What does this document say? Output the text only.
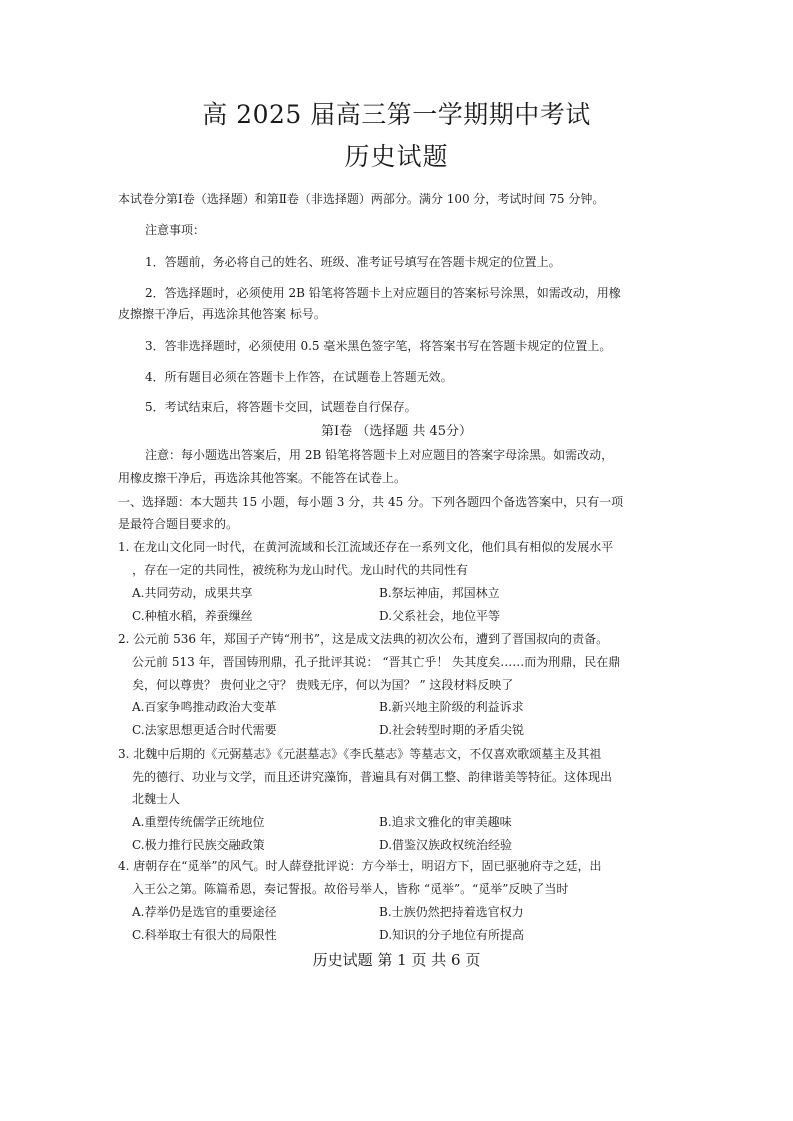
高 2025 届高三第一学期期中考试
历史试题
本试卷分第Ⅰ卷（选择题）和第Ⅱ卷（非选择题）两部分。满分 100 分，考试时间 75 分钟。
注意事项：
1．答题前，务必将自己的姓名、班级、准考证号填写在答题卡规定的位置上。
2．答选择题时，必须使用 2B 铅笔将答题卡上对应题目的答案标号涂黑，如需改动，用橡
皮擦擦干净后，再选涂其他答案 标号。
3．答非选择题时，必须使用 0.5 毫米黑色签字笔，将答案书写在答题卡规定的位置上。
4．所有题目必须在答题卡上作答，在试题卷上答题无效。
5．考试结束后，将答题卡交回，试题卷自行保存。
第Ⅰ卷 （选择题 共 45分）
注意：每小题选出答案后，用 2B 铅笔将答题卡上对应题目的答案字母涂黑。如需改动，
用橡皮擦干净后，再选涂其他答案。不能答在试卷上。
一、选择题：本大题共 15 小题，每小题 3 分，共 45 分。下列各题四个备选答案中，只有一项
是最符合题目要求的。
1. 在龙山文化同一时代，在黄河流域和长江流域还存在一系列文化，他们具有相似的发展水平
，存在一定的共同性，被统称为龙山时代。龙山时代的共同性有
A.共同劳动，成果共享	B.祭坛神庙，邦国林立
C.种植水稻，养蚕缫丝	D.父系社会，地位平等
2. 公元前 536 年，郑国子产铸“刑书”，这是成文法典的初次公布，遭到了晋国叔向的责备。
公元前 513 年，晋国铸刑鼎，孔子批评其说： “晋其亡乎！ 失其度矣……而为刑鼎，民在鼎
矣，何以尊贵？ 贵何业之守？ 贵贱无序，何以为国？ ” 这段材料反映了
A.百家争鸣推动政治大变革	B.新兴地主阶级的利益诉求
C.法家思想更适合时代需要	D.社会转型时期的矛盾尖锐
3. 北魏中后期的《元弼墓志》《元湛墓志》《李氏墓志》等墓志文，不仅喜欢歌颂墓主及其祖
先的德行、功业与文学，而且还讲究藻饰，普遍具有对偶工整、韵律谐美等特征。这体现出
北魏士人
A.重塑传统儒学正统地位	B.追求文雅化的审美趣味
C.极力推行民族交融政策	D.借鉴汉族政权统治经验
4. 唐朝存在“觅举”的风气。时人薛登批评说：方今举士，明诏方下，固已驱驰府寺之廷，出
入王公之第。陈篇希恩，奏记誓报。故俗号举人，皆称 “觅举”。“觅举”反映了当时
A.荐举仍是选官的重要途径	B.士族仍然把持着选官权力
C.科举取士有很大的局限性	D.知识的分子地位有所提高
历史试题 第 1 页 共 6 页
